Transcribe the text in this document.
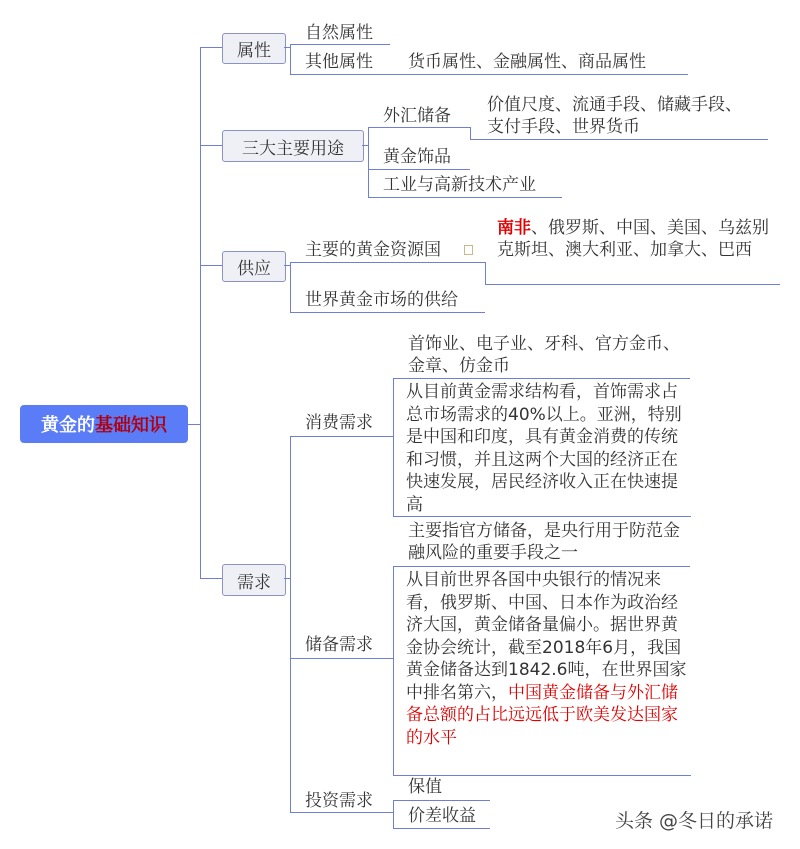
黄金的 基础知识
属性
自然属性
其他属性 货币属性、金融属性、商品属性
三大主要用途
外汇储备
价值尺度、流通手段、储藏手段、支付手段、世界货币
黄金饰品
工业与高新技术产业
供应
主要的黄金资源国
南非、俄罗斯、中国、美国、乌兹别克斯坦、澳大利亚、加拿大、巴西
世界黄金市场的供给
需求
消费需求
首饰业、电子业、牙科、官方金币、金章、仿金币
从目前黄金需求结构看，首饰需求占总市场需求的40%以上。亚洲，特别是中国和印度，具有黄金消费的传统和习惯，并且这两个大国的经济正在快速发展，居民经济收入正在快速提高
储备需求
主要指官方储备，是央行用于防范金融风险的重要手段之一
从目前世界各国中央银行的情况来看，俄罗斯、中国、日本作为政治经济大国，黄金储备量偏小。据世界黄金协会统计，截至2018年6月，我国黄金储备达到1842.6吨，在世界国家中排名第六，中国黄金储备与外汇储备总额的占比远远低于欧美发达国家的水平
投资需求
保值
价差收益	头条 @冬日的承诺
